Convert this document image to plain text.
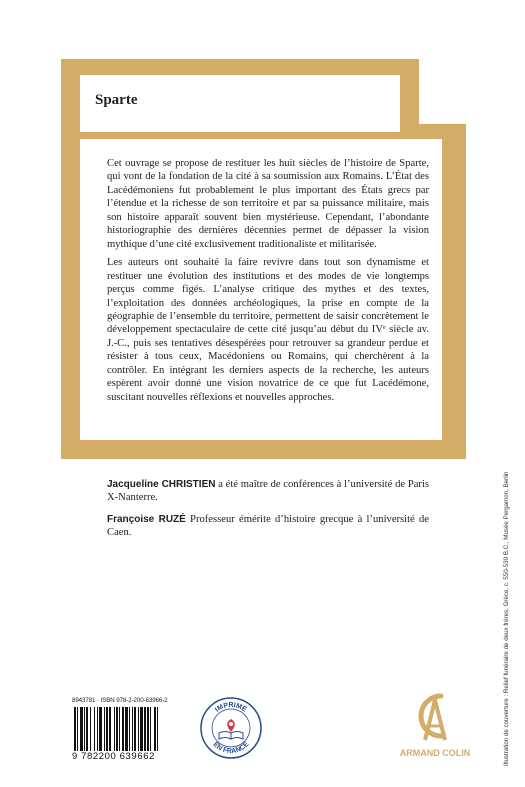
COLLECTION U
Sparte

Cet ouvrage se propose de restituer les huit siècles de l’histoire de Sparte, qui vont de la fondation de la cité à sa soumission aux Romains. L’État des Lacédémoniens fut probablement le plus important des États grecs par l’étendue et la richesse de son territoire et par sa puissance militaire, mais son histoire apparaît souvent bien mystérieuse. Cependant, l’abondante historiographie des dernières décennies permet de dépasser la vision mythique d’une cité exclusivement traditionaliste et militarisée.

Les auteurs ont souhaité la faire revivre dans tout son dynamisme et restituer une évolution des institutions et des modes de vie longtemps perçus comme figés. L’analyse critique des mythes et des textes, l’exploitation des données archéologiques, la prise en compte de la géographie de l’ensemble du territoire, permettent de saisir concrètement le développement spectaculaire de cette cité jusqu’au début du IVᵉ siècle av. J.-C., puis ses tentatives désespérées pour retrouver sa grandeur perdue et résister à tous ceux, Macédoniens ou Romains, qui cherchèrent à la contrôler. En intégrant les derniers aspects de la recherche, les auteurs espèrent avoir donné une vision novatrice de ce que fut Lacédémone, suscitant nouvelles réflexions et nouvelles approches.

Jacqueline CHRISTIEN a été maître de conférences à l’université de Paris X-Nanterre.

Françoise RUZÉ Professeur émérite d’histoire grecque à l’université de Caen.	Illustration de couverture : Relief funéraire de deux frères, Grèce, c. 550-530 B.C., Musée Pergamon, Berlin
8943781 · ISBN 978-2-200-63966-2
9 782200 639662
IMPRIMÉ
EN FRANCE
ARMAND COLIN
